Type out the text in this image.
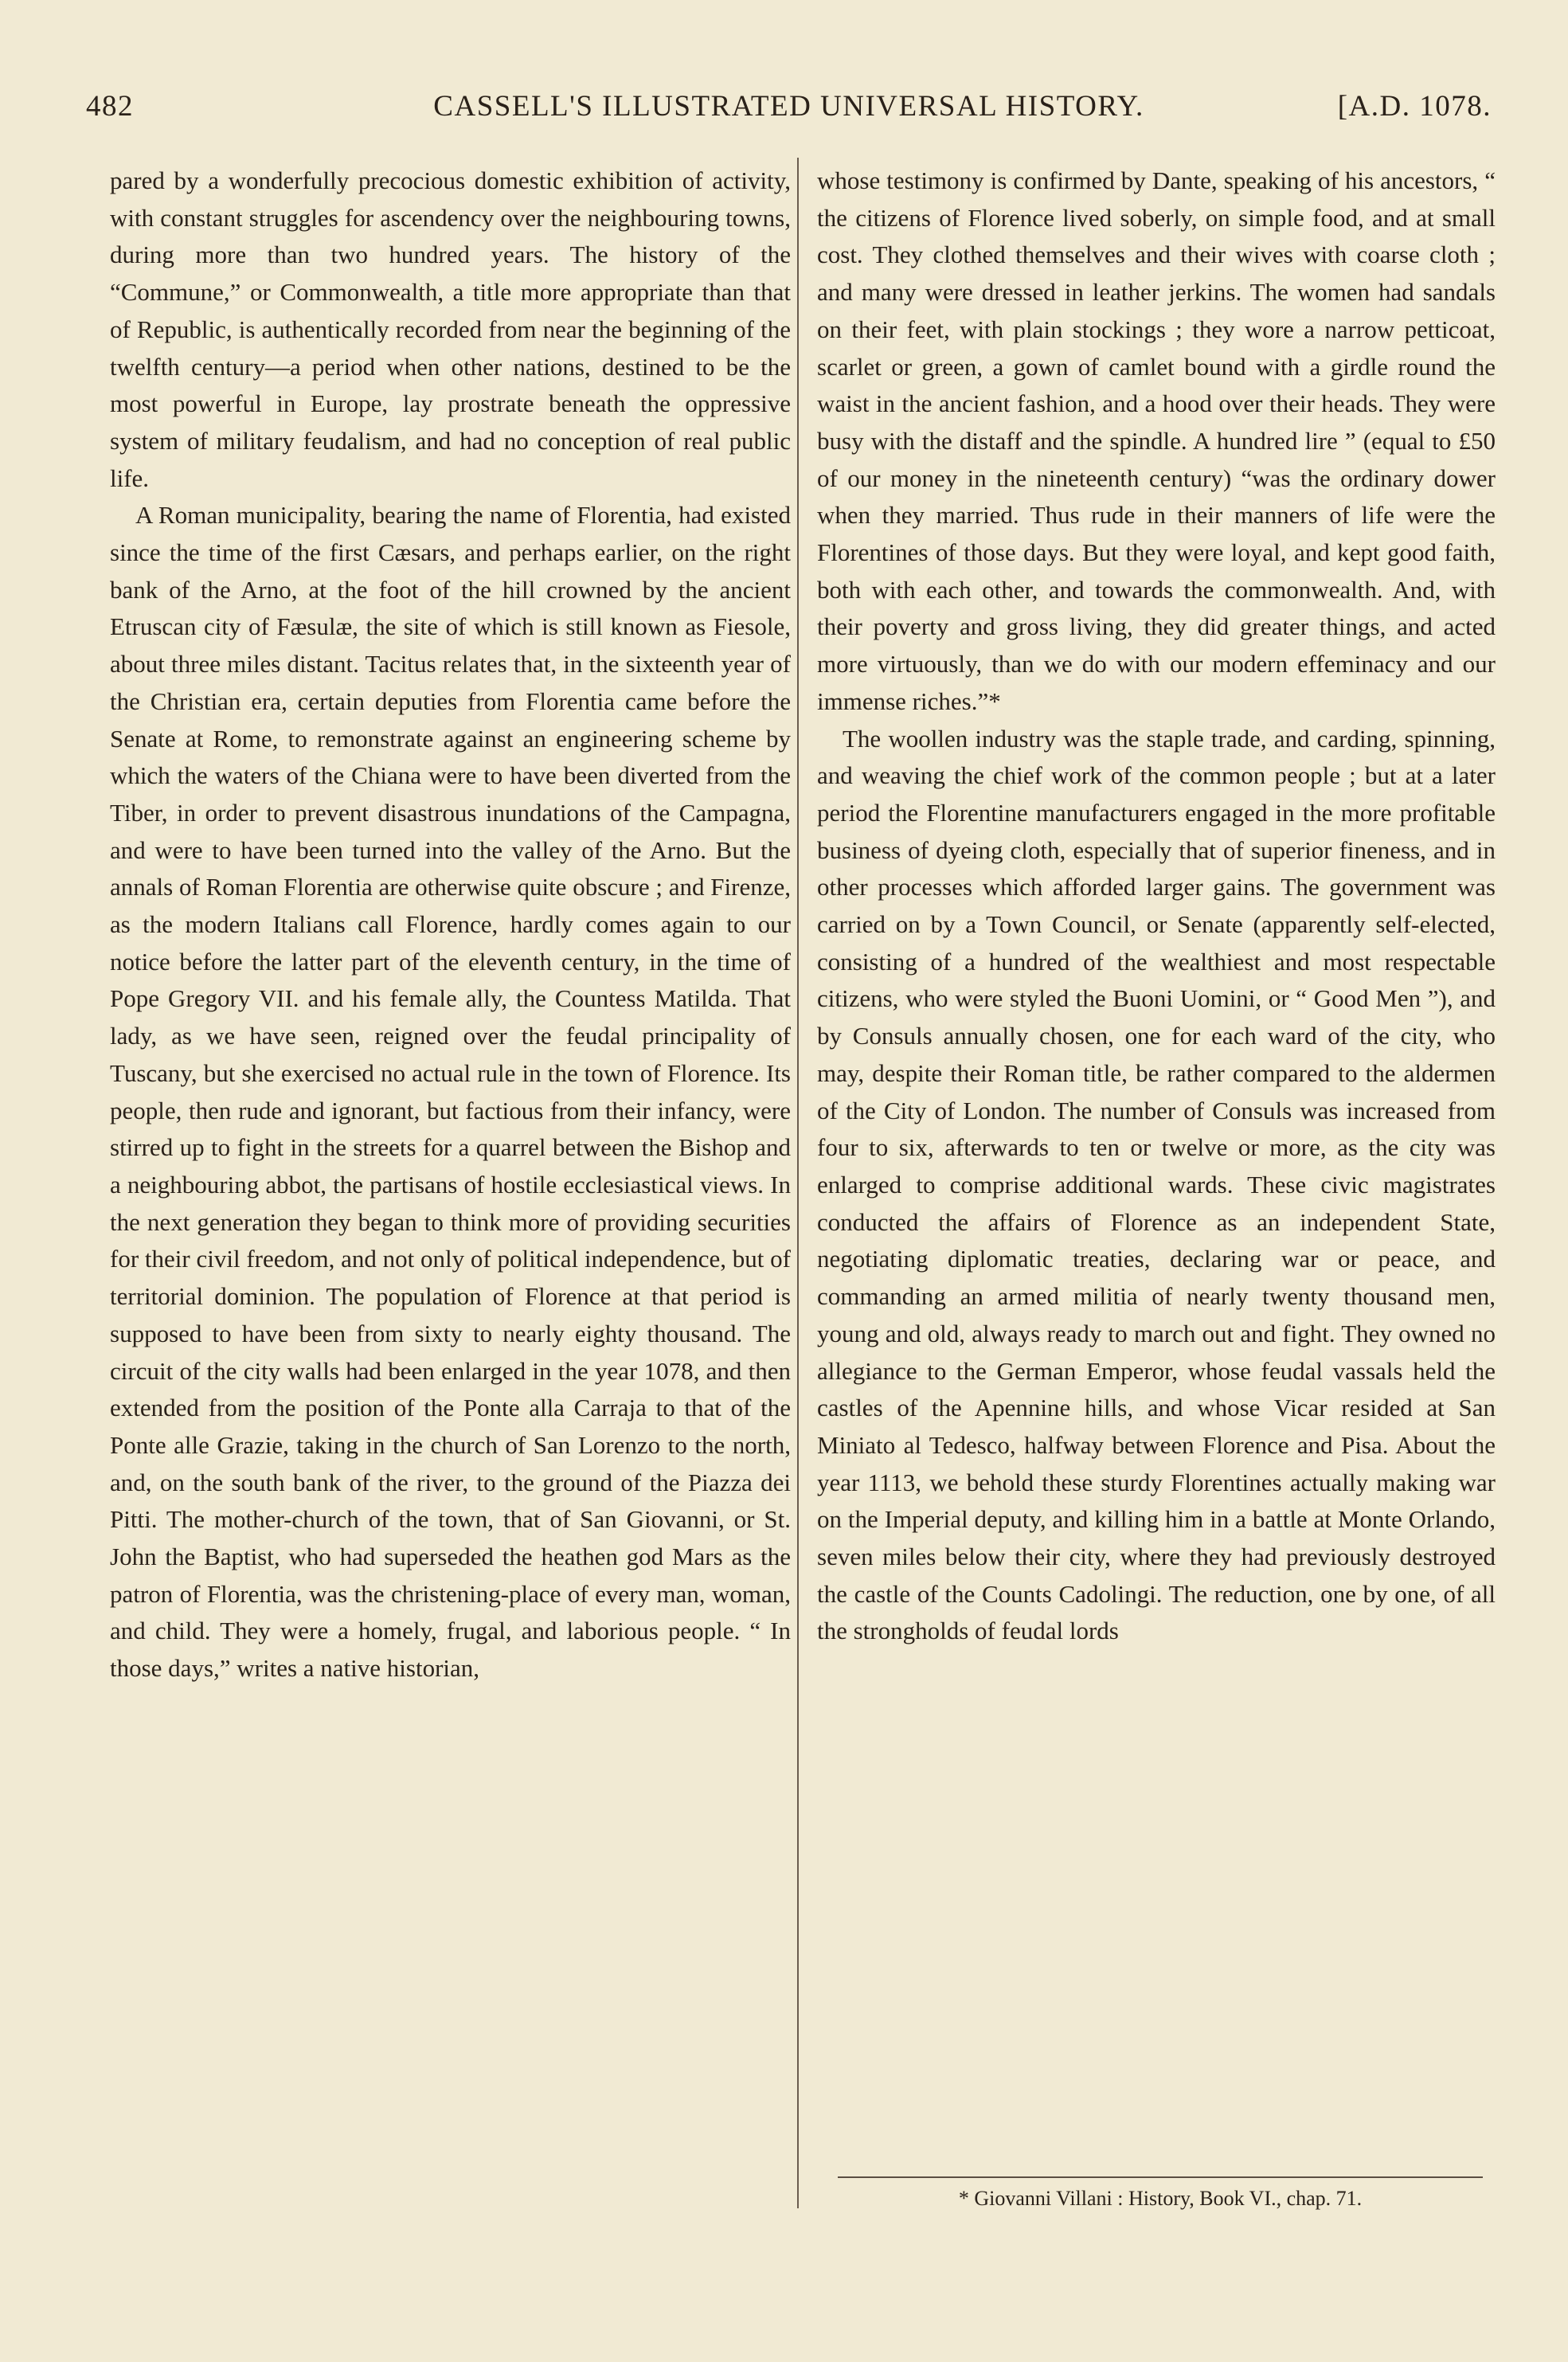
482	CASSELL'S ILLUSTRATED UNIVERSAL HISTORY.	[A.D. 1078.

pared by a wonderfully precocious domestic exhibition of activity, with constant struggles for ascendency over the neighbouring towns, during more than two hundred years. The history of the “Commune,” or Commonwealth, a title more appropriate than that of Republic, is authentically recorded from near the beginning of the twelfth century—a period when other nations, destined to be the most powerful in Europe, lay prostrate beneath the oppressive system of military feudalism, and had no conception of real public life.

A Roman municipality, bearing the name of Florentia, had existed since the time of the first Cæsars, and perhaps earlier, on the right bank of the Arno, at the foot of the hill crowned by the ancient Etruscan city of Fæsulæ, the site of which is still known as Fiesole, about three miles distant. Tacitus relates that, in the sixteenth year of the Christian era, certain deputies from Florentia came before the Senate at Rome, to remonstrate against an engineering scheme by which the waters of the Chiana were to have been diverted from the Tiber, in order to prevent disastrous inundations of the Campagna, and were to have been turned into the valley of the Arno. But the annals of Roman Florentia are otherwise quite obscure ; and Firenze, as the modern Italians call Florence, hardly comes again to our notice before the latter part of the eleventh century, in the time of Pope Gregory VII. and his female ally, the Countess Matilda. That lady, as we have seen, reigned over the feudal principality of Tuscany, but she exercised no actual rule in the town of Florence. Its people, then rude and ignorant, but factious from their infancy, were stirred up to fight in the streets for a quarrel between the Bishop and a neighbouring abbot, the partisans of hostile ecclesiastical views. In the next generation they began to think more of providing securities for their civil freedom, and not only of political independence, but of territorial dominion. The population of Florence at that period is supposed to have been from sixty to nearly eighty thousand. The circuit of the city walls had been enlarged in the year 1078, and then extended from the position of the Ponte alla Carraja to that of the Ponte alle Grazie, taking in the church of San Lorenzo to the north, and, on the south bank of the river, to the ground of the Piazza dei Pitti. The mother-church of the town, that of San Giovanni, or St. John the Baptist, who had superseded the heathen god Mars as the patron of Florentia, was the christening-place of every man, woman, and child. They were a homely, frugal, and laborious people. “ In those days,” writes a native historian,

whose testimony is confirmed by Dante, speaking of his ancestors, “ the citizens of Florence lived soberly, on simple food, and at small cost. They clothed themselves and their wives with coarse cloth ; and many were dressed in leather jerkins. The women had sandals on their feet, with plain stockings ; they wore a narrow petticoat, scarlet or green, a gown of camlet bound with a girdle round the waist in the ancient fashion, and a hood over their heads. They were busy with the distaff and the spindle. A hundred lire ” (equal to £50 of our money in the nineteenth century) “was the ordinary dower when they married. Thus rude in their manners of life were the Florentines of those days. But they were loyal, and kept good faith, both with each other, and towards the commonwealth. And, with their poverty and gross living, they did greater things, and acted more virtuously, than we do with our modern effeminacy and our immense riches.”*

The woollen industry was the staple trade, and carding, spinning, and weaving the chief work of the common people ; but at a later period the Florentine manufacturers engaged in the more profitable business of dyeing cloth, especially that of superior fineness, and in other processes which afforded larger gains. The government was carried on by a Town Council, or Senate (apparently self-elected, consisting of a hundred of the wealthiest and most respectable citizens, who were styled the Buoni Uomini, or “ Good Men ”), and by Consuls annually chosen, one for each ward of the city, who may, despite their Roman title, be rather compared to the aldermen of the City of London. The number of Consuls was increased from four to six, afterwards to ten or twelve or more, as the city was enlarged to comprise additional wards. These civic magistrates conducted the affairs of Florence as an independent State, negotiating diplomatic treaties, declaring war or peace, and commanding an armed militia of nearly twenty thousand men, young and old, always ready to march out and fight. They owned no allegiance to the German Emperor, whose feudal vassals held the castles of the Apennine hills, and whose Vicar resided at San Miniato al Tedesco, halfway between Florence and Pisa. About the year 1113, we behold these sturdy Florentines actually making war on the Imperial deputy, and killing him in a battle at Monte Orlando, seven miles below their city, where they had previously destroyed the castle of the Counts Cadolingi. The reduction, one by one, of all the strongholds of feudal lords

* Giovanni Villani : History, Book VI., chap. 71.
